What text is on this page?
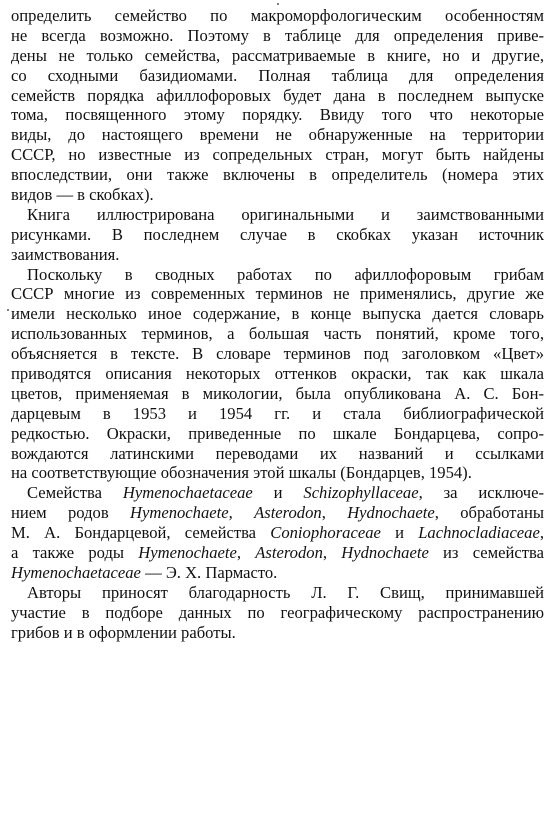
определить семейство по макроморфологическим особенностям
не всегда возможно. Поэтому в таблице для определения приве-
дены не только семейства, рассматриваемые в книге, но и другие,
со сходными базидиомами. Полная таблица для определения
семейств порядка афиллофоровых будет дана в последнем выпуске
тома, посвященного этому порядку. Ввиду того что некоторые
виды, до настоящего времени не обнаруженные на территории
СССР, но известные из сопредельных стран, могут быть найдены
впоследствии, они также включены в определитель (номера этих
видов — в скобках).
Книга иллюстрирована оригинальными и заимствованными
рисунками. В последнем случае в скобках указан источник
заимствования.
Поскольку в сводных работах по афиллофоровым грибам
СССР многие из современных терминов не применялись, другие же
имели несколько иное содержание, в конце выпуска дается словарь
использованных терминов, а большая часть понятий, кроме того,
объясняется в тексте. В словаре терминов под заголовком «Цвет»
приводятся описания некоторых оттенков окраски, так как шкала
цветов, применяемая в микологии, была опубликована А. С. Бон-
дарцевым в 1953 и 1954 гг. и стала библиографической
редкостью. Окраски, приведенные по шкале Бондарцева, сопро-
вождаются латинскими переводами их названий и ссылками
на соответствующие обозначения этой шкалы (Бондарцев, 1954).
Семейства Hymenochaetaceae и Schizophyllaceae, за исключе-
нием родов Hymenochaete, Asterodon, Hydnochaete, обработаны
М. А. Бондарцевой, семейства Coniophoraceae и Lachnocladiaceae,
а также роды Hymenochaete, Asterodon, Hydnochaete из семейства
Hymenochaetaceae — Э. Х. Пармасто.
Авторы приносят благодарность Л. Г. Свищ, принимавшей
участие в подборе данных по географическому распространению
грибов и в оформлении работы.
